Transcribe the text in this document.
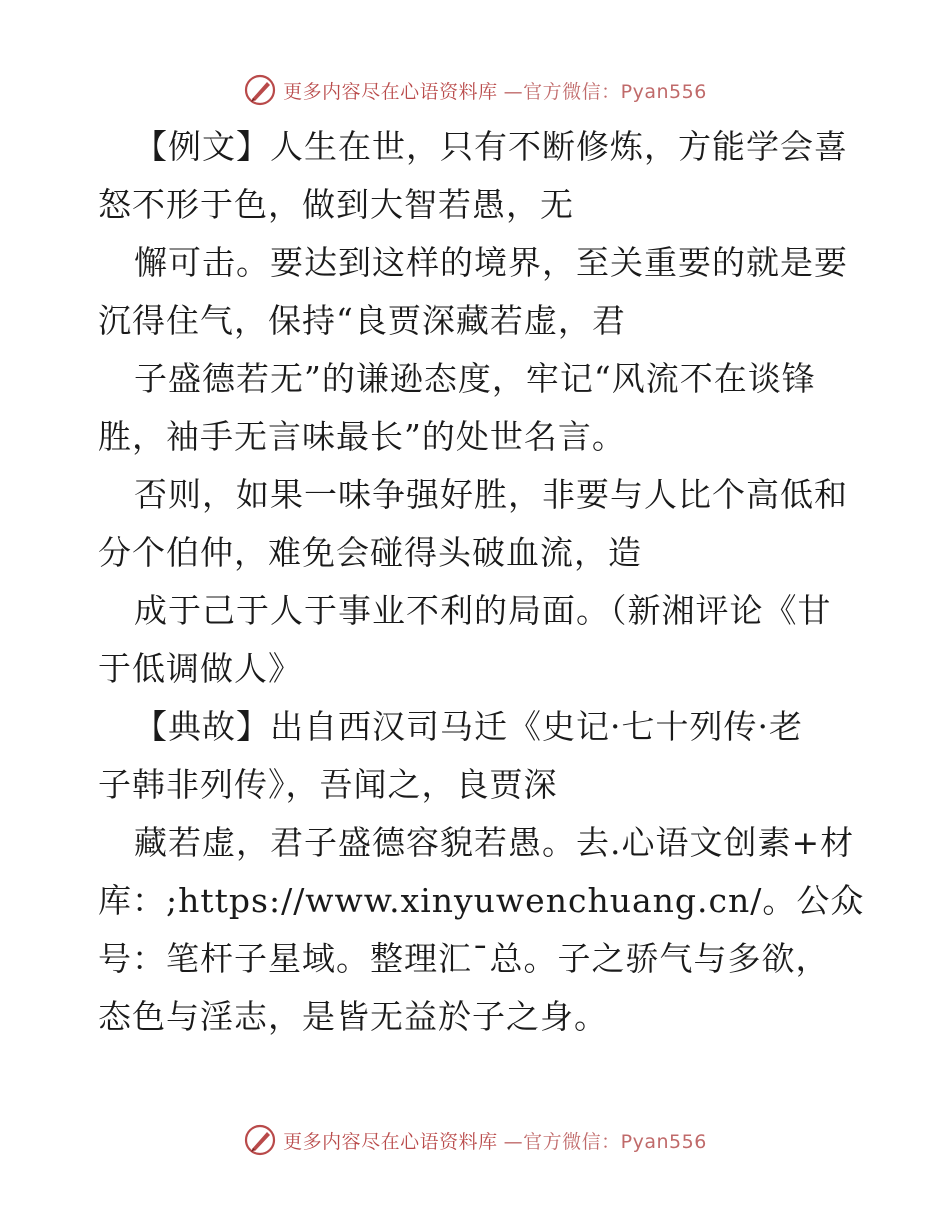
更多内容尽在心语资料库 —官方微信：Pyan556
【例文】人生在世，只有不断修炼，方能学会喜
怒不形于色，做到大智若愚，无
懈可击。要达到这样的境界，至关重要的就是要
沉得住气，保持“良贾深藏若虚，君
子盛德若无”的谦逊态度，牢记“风流不在谈锋
胜，袖手无言味最长”的处世名言。
否则，如果一味争强好胜，非要与人比个高低和
分个伯仲，难免会碰得头破血流，造
成于己于人于事业不利的局面。（新湘评论《甘
于低调做人》
【典故】出自西汉司马迁《史记·七十列传·老
子韩非列传》，吾闻之，良贾深
藏若虚，君子盛德容貌若愚。去.心语文创素+材
库：;https://www.xinyuwenchuang.cn/。公众
号：笔杆子星域。整理汇¯总。子之骄气与多欲，
态色与淫志，是皆无益於子之身。
更多内容尽在心语资料库 —官方微信：Pyan556
